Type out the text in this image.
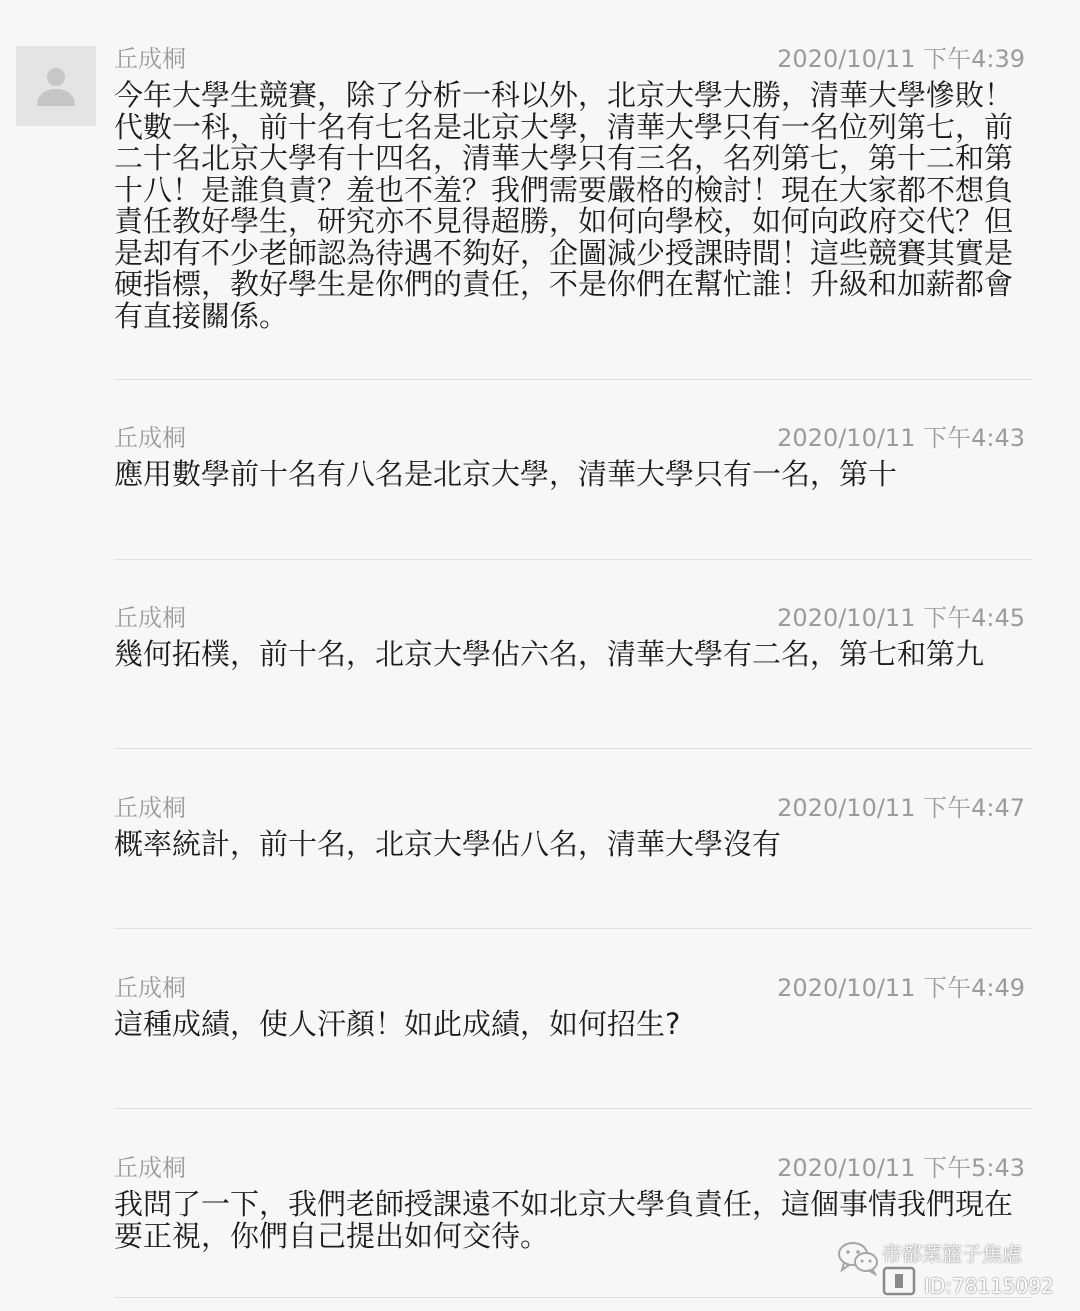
丘成桐	2020/10/11 下午4:39
今年大學生競賽，除了分析一科以外，北京大學大勝，清華大學慘敗！代數一科，前十名有七名是北京大學，清華大學只有一名位列第七，前二十名北京大學有十四名，清華大學只有三名，名列第七，第十二和第十八！是誰負責？羞也不羞？我們需要嚴格的檢討！現在大家都不想負責任教好學生，研究亦不見得超勝，如何向學校，如何向政府交代？但是却有不少老師認為待遇不夠好，企圖減少授課時間！這些競賽其實是硬指標，教好學生是你們的責任，不是你們在幫忙誰！升級和加薪都會有直接關係。
丘成桐	2020/10/11 下午4:43
應用數學前十名有八名是北京大學，清華大學只有一名，第十
丘成桐	2020/10/11 下午4:45
幾何拓樸，前十名，北京大學佔六名，清華大學有二名，第七和第九
丘成桐	2020/10/11 下午4:47
概率統計，前十名，北京大學佔八名，清華大學沒有
丘成桐	2020/10/11 下午4:49
這種成績，使人汗顏！如此成績，如何招生?
丘成桐	2020/10/11 下午5:43
我問了一下，我們老師授課遠不如北京大學負責任，這個事情我們現在要正視，你們自己提出如何交待。
帝都菜篮子焦虑
ID:78115092
